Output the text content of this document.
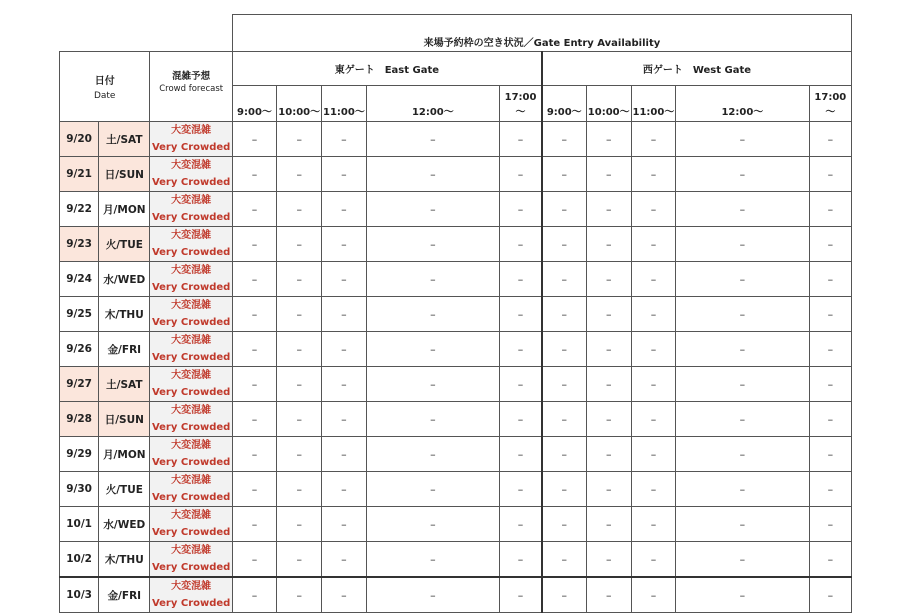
			来場予約枠の空き状況／Gate Entry Availability									

日付
Date		混雑予想
Crowd forecast	東ゲート　East Gate					西ゲート　West Gate				
			9:00～	10:00～	11:00～	12:00～	17:00～	9:00～	10:00～	11:00～	12:00～	17:00～
9/20	土/SAT	大変混雑
Very Crowded	–	–	–	–	–	–	–	–	–	–
9/21	日/SUN	大変混雑
Very Crowded	–	–	–	–	–	–	–	–	–	–
9/22	月/MON	大変混雑
Very Crowded	–	–	–	–	–	–	–	–	–	–
9/23	火/TUE	大変混雑
Very Crowded	–	–	–	–	–	–	–	–	–	–
9/24	水/WED	大変混雑
Very Crowded	–	–	–	–	–	–	–	–	–	–
9/25	木/THU	大変混雑
Very Crowded	–	–	–	–	–	–	–	–	–	–
9/26	金/FRI	大変混雑
Very Crowded	–	–	–	–	–	–	–	–	–	–
9/27	土/SAT	大変混雑
Very Crowded	–	–	–	–	–	–	–	–	–	–
9/28	日/SUN	大変混雑
Very Crowded	–	–	–	–	–	–	–	–	–	–
9/29	月/MON	大変混雑
Very Crowded	–	–	–	–	–	–	–	–	–	–
9/30	火/TUE	大変混雑
Very Crowded	–	–	–	–	–	–	–	–	–	–
10/1	水/WED	大変混雑
Very Crowded	–	–	–	–	–	–	–	–	–	–
10/2	木/THU	大変混雑
Very Crowded	–	–	–	–	–	–	–	–	–	–
10/3	金/FRI	大変混雑
Very Crowded	–	–	–	–	–	–	–	–	–	–
